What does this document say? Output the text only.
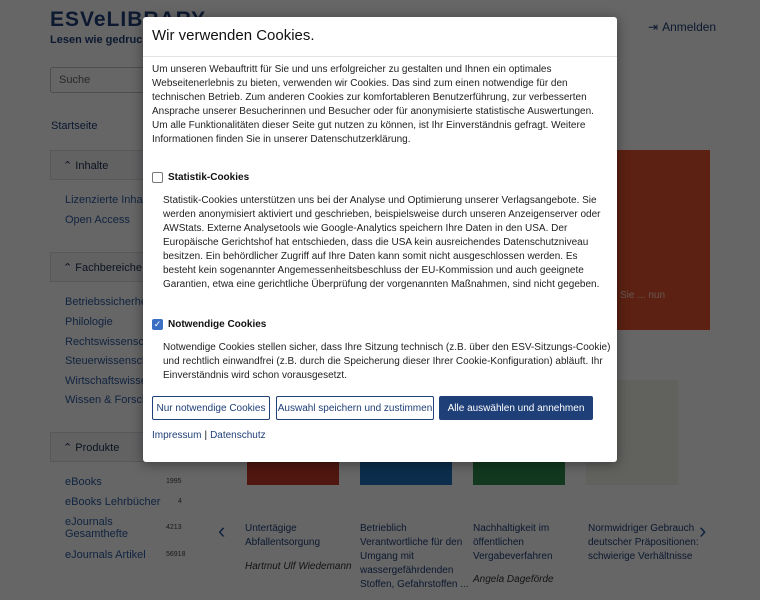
Wir verwenden Cookies.
Um unseren Webauftritt für Sie und uns erfolgreicher zu gestalten und Ihnen ein optimales Webseitenerlebnis zu bieten, verwenden wir Cookies. Das sind zum einen notwendige für den technischen Betrieb. Zum anderen Cookies zur komfortableren Benutzerführung, zur verbesserten Ansprache unserer Besucherinnen und Besucher oder für anonymisierte statistische Auswertungen. Um alle Funktionalitäten dieser Seite gut nutzen zu können, ist Ihr Einverständnis gefragt. Weitere Informationen finden Sie in unserer Datenschutzerklärung.
Statistik-Cookies
Statistik-Cookies unterstützen uns bei der Analyse und Optimierung unserer Verlagsangebote. Sie werden anonymisiert aktiviert und geschrieben, beispielsweise durch unseren Anzeigenserver oder AWStats. Externe Analysetools wie Google-Analytics speichern Ihre Daten in den USA. Der Europäische Gerichtshof hat entschieden, dass die USA kein ausreichendes Datenschutzniveau besitzen. Ein behördlicher Zugriff auf Ihre Daten kann somit nicht ausgeschlossen werden. Es besteht kein sogenannter Angemessenheitsbeschluss der EU-Kommission und auch geeignete Garantien, etwa eine gerichtliche Überprüfung der vorgenannten Maßnahmen, sind nicht gegeben.
✓ Notwendige Cookies
Notwendige Cookies stellen sicher, dass Ihre Sitzung technisch (z.B. über den ESV-Sitzungs-Cookie) und rechtlich einwandfrei (z.B. durch die Speicherung dieser Ihrer Cookie-Konfiguration) abläuft. Ihr Einverständnis wird schon vorausgesetzt.
Nur notwendige Cookies	Auswahl speichern und zustimmen	Alle auswählen und annehmen
Impressum | Datenschutz
